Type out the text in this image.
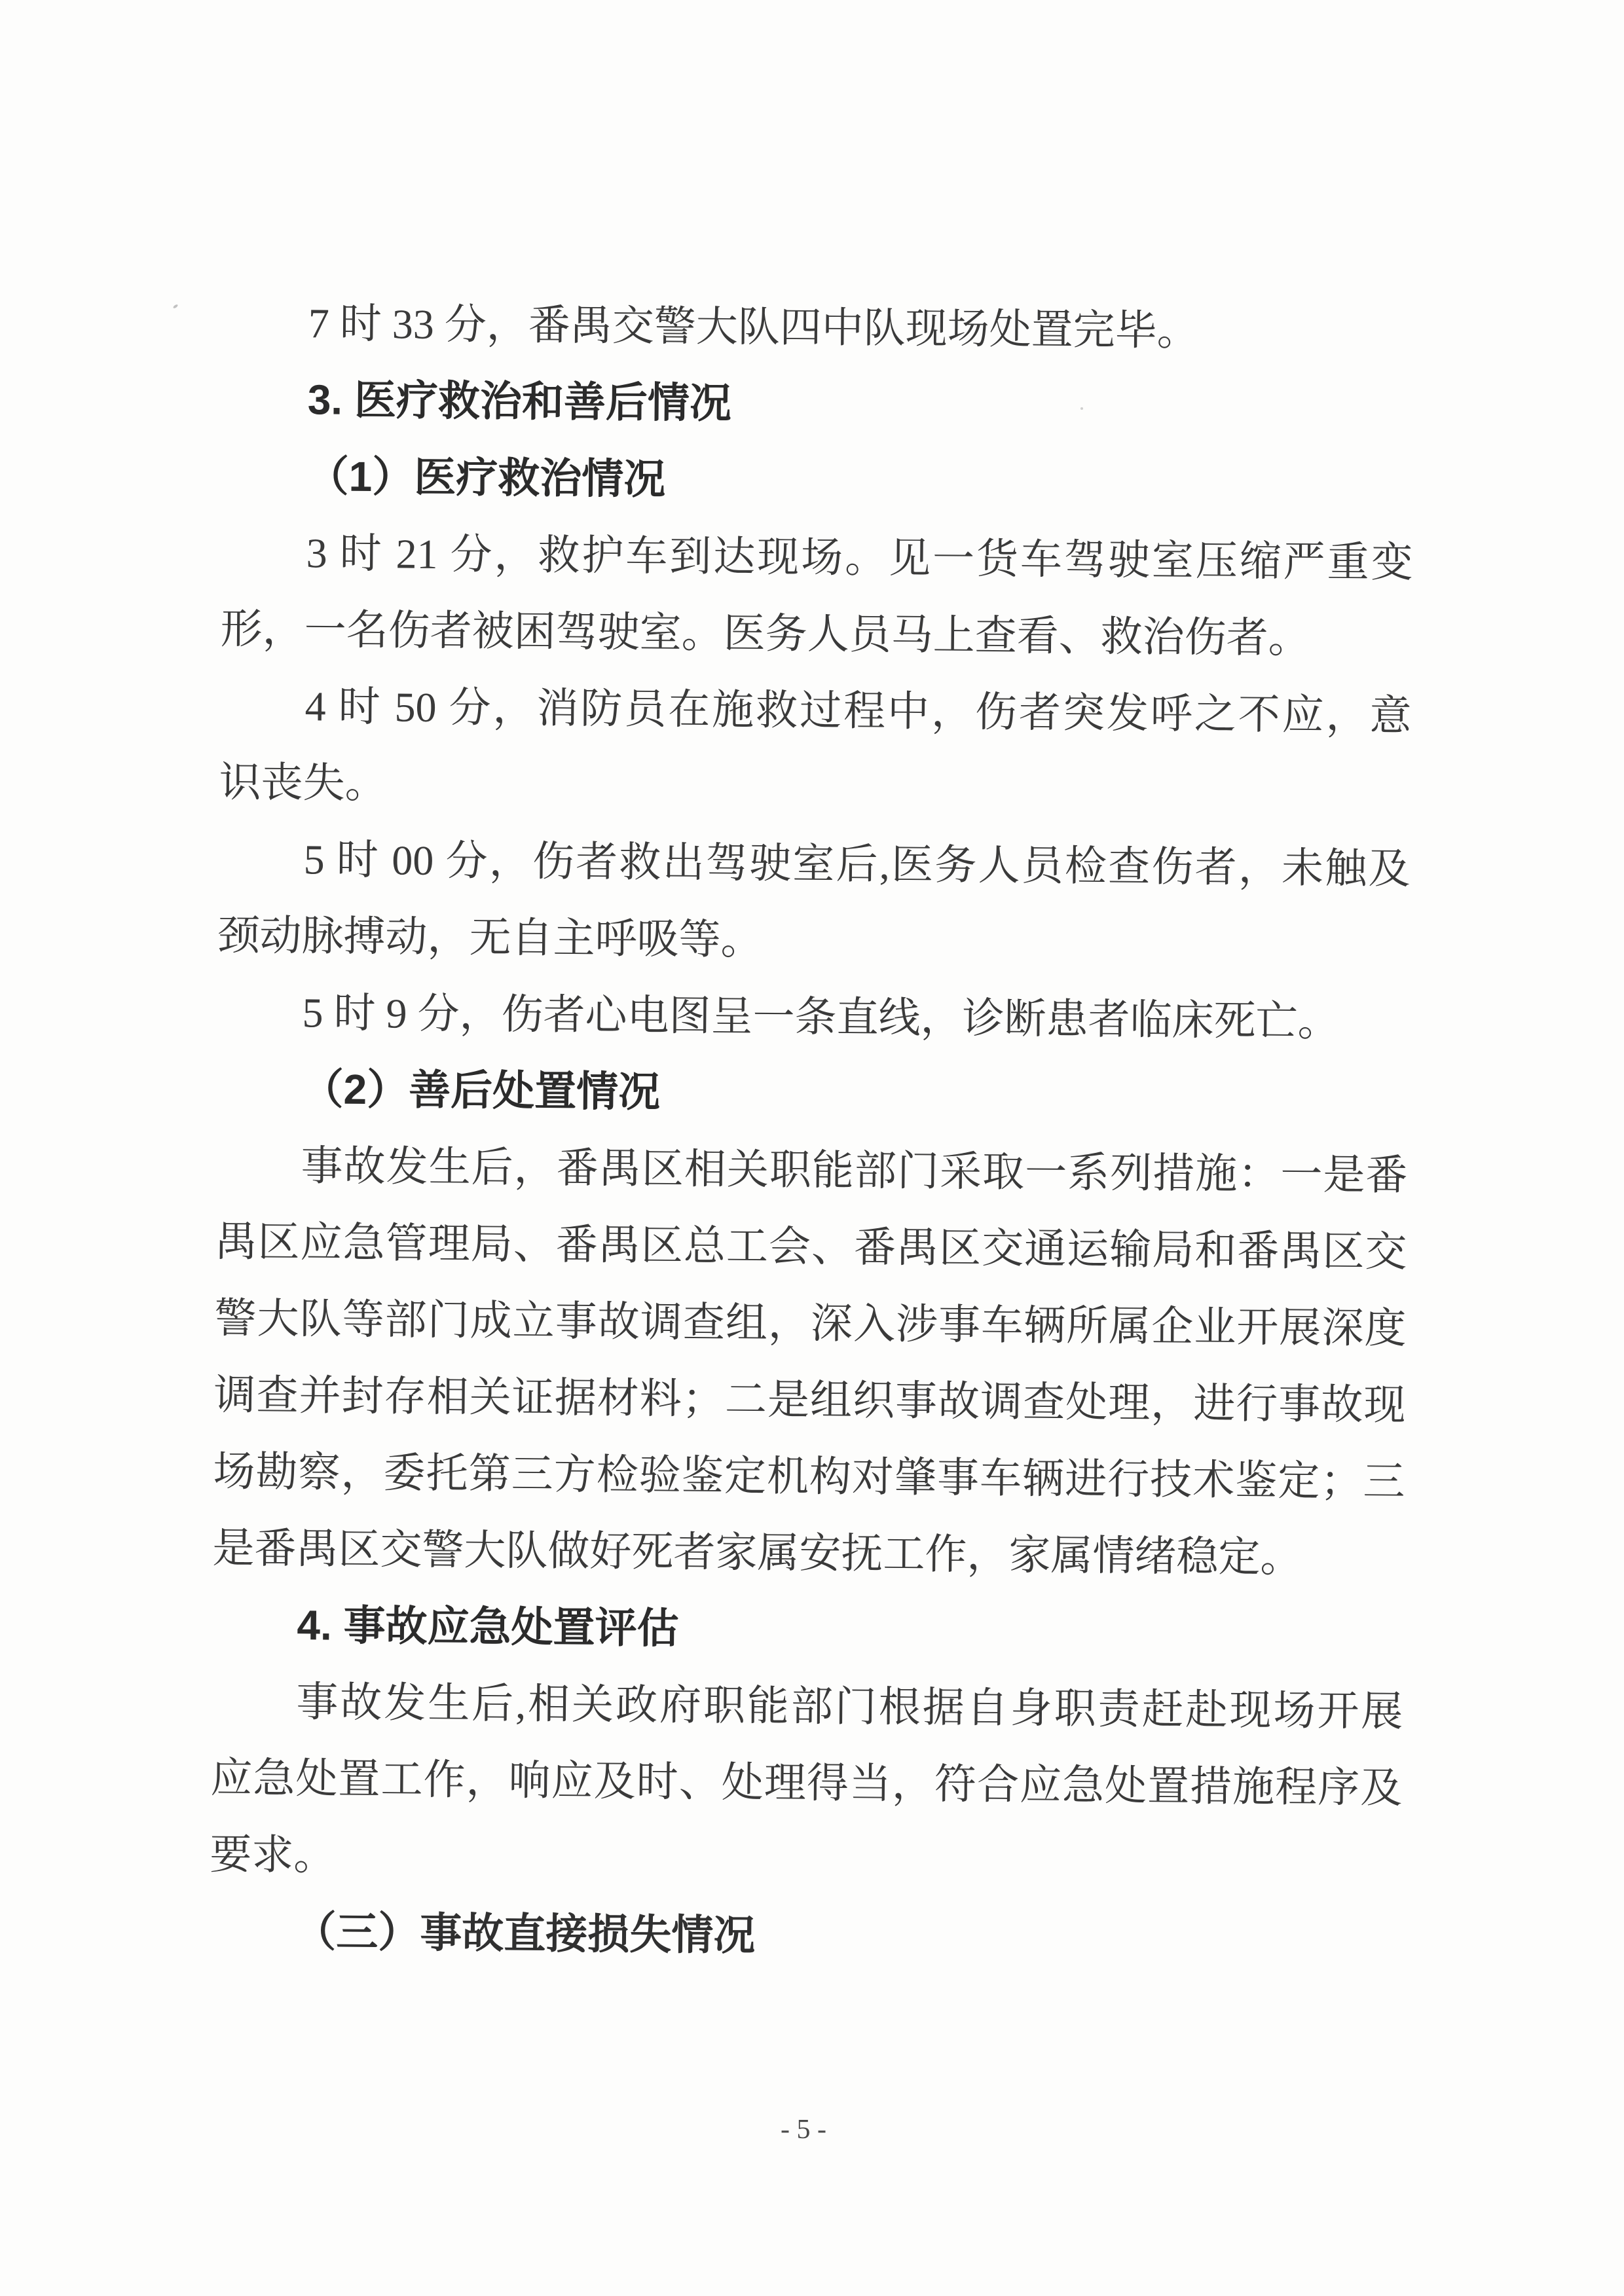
7 时 33 分，番禺交警大队四中队现场处置完毕。
3. 医疗救治和善后情况
（1）医疗救治情况
3 时 21 分，救护车到达现场。见一货车驾驶室压缩严重变
形，一名伤者被困驾驶室。医务人员马上查看、救治伤者。
4 时 50 分，消防员在施救过程中，伤者突发呼之不应，意
识丧失。
5 时 00 分，伤者救出驾驶室后,医务人员检查伤者，未触及
颈动脉搏动，无自主呼吸等。
5 时 9 分，伤者心电图呈一条直线，诊断患者临床死亡。
（2）善后处置情况
事故发生后，番禺区相关职能部门采取一系列措施：一是番
禺区应急管理局、番禺区总工会、番禺区交通运输局和番禺区交
警大队等部门成立事故调查组，深入涉事车辆所属企业开展深度
调查并封存相关证据材料；二是组织事故调查处理，进行事故现
场勘察，委托第三方检验鉴定机构对肇事车辆进行技术鉴定；三
是番禺区交警大队做好死者家属安抚工作，家属情绪稳定。
4. 事故应急处置评估
事故发生后,相关政府职能部门根据自身职责赶赴现场开展
应急处置工作，响应及时、处理得当，符合应急处置措施程序及
要求。
（三）事故直接损失情况
- 5 -
